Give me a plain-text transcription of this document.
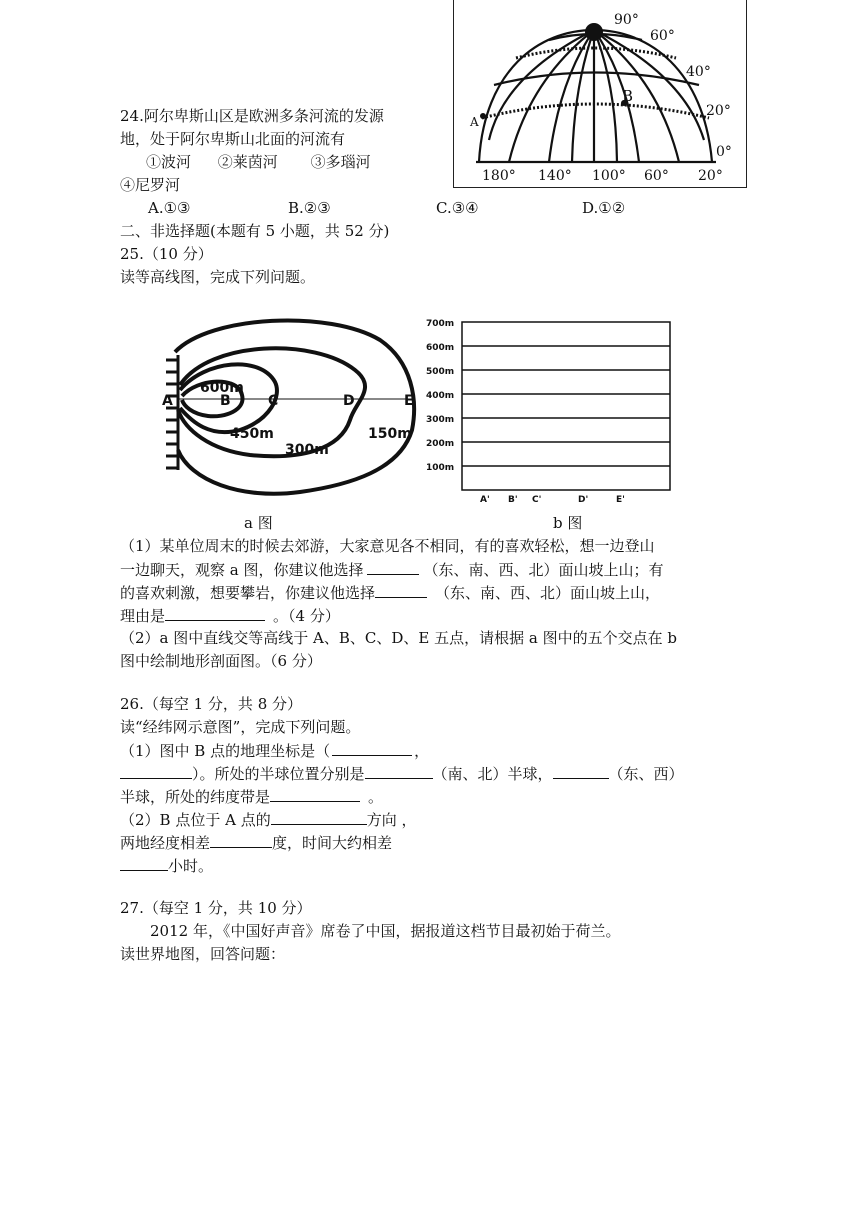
24.阿尔卑斯山区是欧洲多条河流的发源
地，处于阿尔卑斯山北面的河流有
①波河 ②莱茵河 ③多瑙河
④尼罗河
A.①③	B.②③	C.③④	D.①②
90°
60°
40°
20°
0°
180° 140° 100° 60° 20°
A
B
二、非选择题(本题有 5 小题，共 52 分)
25.（10 分）
读等高线图，完成下列问题。
600m
450m
300m
150m
A	B	C	D	E
700m
600m
500m
400m
300m
200m
100m
A' B' C'	D'	E'
a 图	b 图
（1）某单位周末的时候去郊游，大家意见各不相同，有的喜欢轻松，想一边登山
一边聊天，观察 a 图，你建议他选择	（东、南、西、北）面山坡上山；有
的喜欢刺激，想要攀岩，你建议他选择	（东、南、西、北）面山坡上山，
理由是	。（4 分）
（2）a 图中直线交等高线于 A、B、C、D、E 五点，请根据 a 图中的五个交点在 b
图中绘制地形剖面图。（6 分）
26.（每空 1 分，共 8 分）
读“经纬网示意图”，完成下列问题。
（1）图中 B 点的地理坐标是（	，
）。所处的半球位置分别是	（南、北）半球，	（东、西）
半球，所处的纬度带是	。
（2）B 点位于 A 点的	方向 ，
两地经度相差	度，时间大约相差
小时。
27.（每空 1 分，共 10 分）
2012 年，《中国好声音》席卷了中国，据报道这档节目最初始于荷兰。
读世界地图，回答问题：
